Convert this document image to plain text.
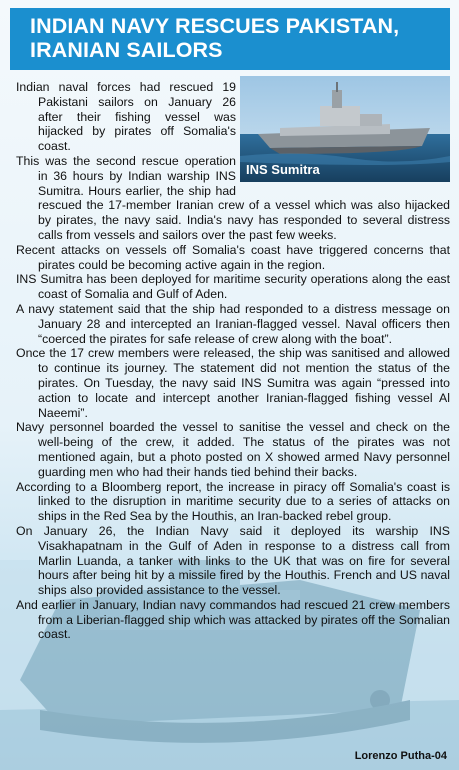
INDIAN NAVY RESCUES PAKISTAN, IRANIAN SAILORS
INS Sumitra

Indian naval forces had rescued 19 Pakistani sailors on January 26 after their fishing vessel was hijacked by pirates off Somalia's coast.

This was the second rescue operation in 36 hours by Indian warship INS Sumitra. Hours earlier, the ship had rescued the 17-member Iranian crew of a vessel which was also hijacked by pirates, the navy said. India's navy has responded to several distress calls from vessels and sailors over the past few weeks.

Recent attacks on vessels off Somalia's coast have triggered concerns that pirates could be becoming active again in the region.

INS Sumitra has been deployed for maritime security operations along the east coast of Somalia and Gulf of Aden.

A navy statement said that the ship had responded to a distress message on January 28 and intercepted an Iranian-flagged vessel. Naval officers then “coerced the pirates for safe release of crew along with the boat”.

Once the 17 crew members were released, the ship was sanitised and allowed to continue its journey. The statement did not mention the status of the pirates. On Tuesday, the navy said INS Sumitra was again “pressed into action to locate and intercept another Iranian-flagged fishing vessel Al Naeemi”.

Navy personnel boarded the vessel to sanitise the vessel and check on the well-being of the crew, it added. The status of the pirates was not mentioned again, but a photo posted on X showed armed Navy personnel guarding men who had their hands tied behind their backs.

According to a Bloomberg report, the increase in piracy off Somalia's coast is linked to the disruption in maritime security due to a series of attacks on ships in the Red Sea by the Houthis, an Iran-backed rebel group.

On January 26, the Indian Navy said it deployed its warship INS Visakhapatnam in the Gulf of Aden in response to a distress call from Marlin Luanda, a tanker with links to the UK that was on fire for several hours after being hit by a missile fired by the Houthis. French and US naval ships also provided assistance to the vessel.

And earlier in January, Indian navy commandos had rescued 21 crew members from a Liberian-flagged ship which was attacked by pirates off the Somalian coast.

Lorenzo Putha-04
